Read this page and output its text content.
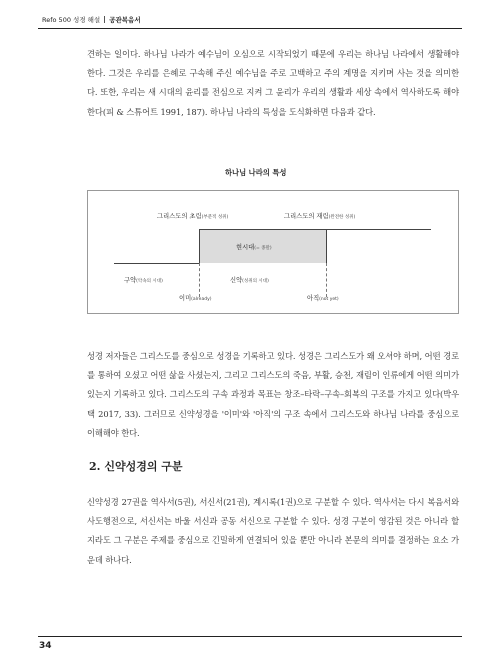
Refo 500 성경 해설 공관복음서

견하는 일이다. 하나님 나라가 예수님이 오심으로 시작되었기 때문에 우리는 하나님 나라에서 생활해야 한다. 그것은 우리를 은혜로 구속해 주신 예수님을 주로 고백하고 주의 계명을 지키며 사는 것을 의미한다. 또한, 우리는 새 시대의 윤리를 전심으로 지켜 그 윤리가 우리의 생활과 세상 속에서 역사하도록 해야 한다(피 & 스튜어트 1991, 187). 하나님 나라의 특성을 도식화하면 다음과 같다.

하나님 나라의 특성
그리스도의 초림(부분적 성취)	그리스도의 재림(완전한 성취)
현시대(= 종말)
구약(악속의 시대)	신약(성취의 시대)
이미(already)	아직(not yet)

성경 저자들은 그리스도를 중심으로 성경을 기록하고 있다. 성경은 그리스도가 왜 오셔야 하며, 어떤 경로를 통하여 오셨고 어떤 삶을 사셨는지, 그리고 그리스도의 죽음, 부활, 승천, 재림이 인류에게 어떤 의미가 있는지 기록하고 있다. 그리스도의 구속 과정과 목표는 창조–타락–구속–회복의 구조를 가지고 있다(박우택 2017, 33). 그러므로 신약성경을 '이미'와 '아직'의 구조 속에서 그리스도와 하나님 나라를 중심으로 이해해야 한다.

2. 신약성경의 구분

신약성경 27권을 역사서(5권), 서신서(21권), 계시록(1권)으로 구분할 수 있다. 역사서는 다시 복음서와 사도행전으로, 서신서는 바울 서신과 공동 서신으로 구분할 수 있다. 성경 구분이 영감된 것은 아니라 할지라도 그 구분은 주제를 중심으로 긴밀하게 연결되어 있을 뿐만 아니라 본문의 의미를 결정하는 요소 가운데 하나다.

34
